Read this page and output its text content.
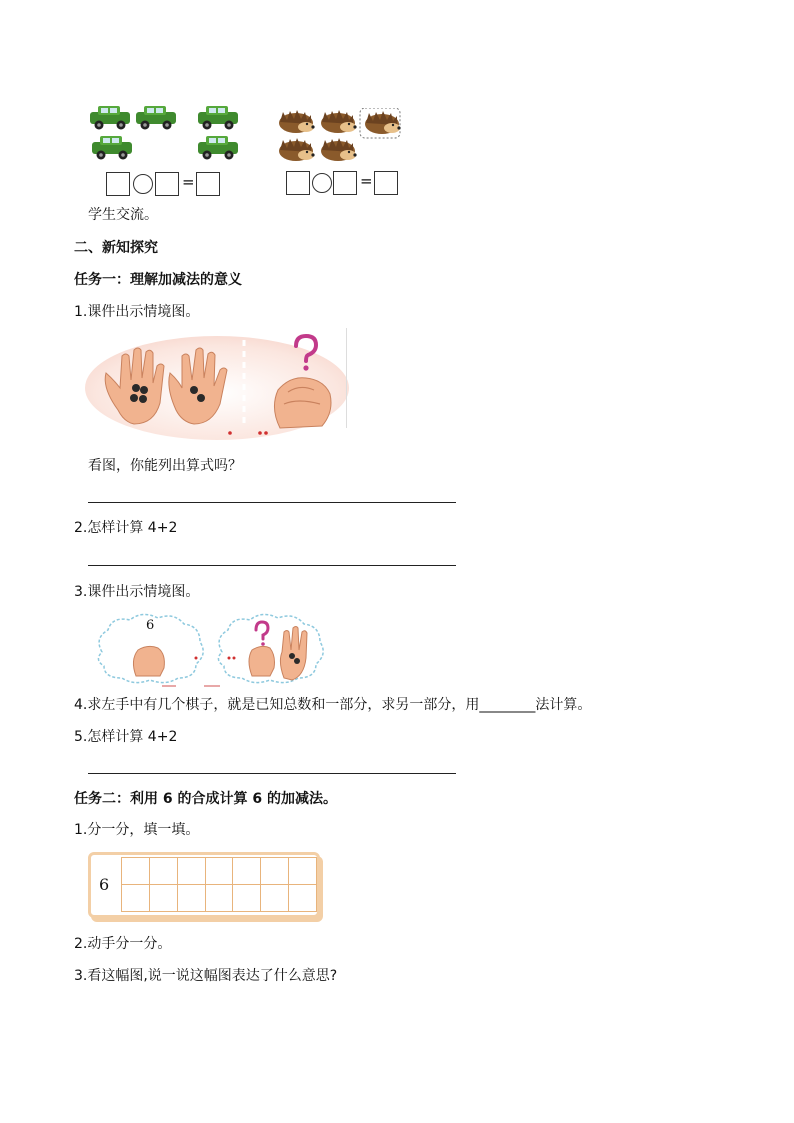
=	=
学生交流。
二、新知探究
任务一：理解加减法的意义
1.课件出示情境图。
看图，你能列出算式吗？
2.怎样计算 4+2
3.课件出示情境图。
6
4.求左手中有几个棋子，就是已知总数和一部分，求另一部分，用________法计算。
5.怎样计算 4+2
任务二：利用 6 的合成计算 6 的加减法。
1.分一分，填一填。
6

2.动手分一分。
3.看这幅图,说一说这幅图表达了什么意思?
